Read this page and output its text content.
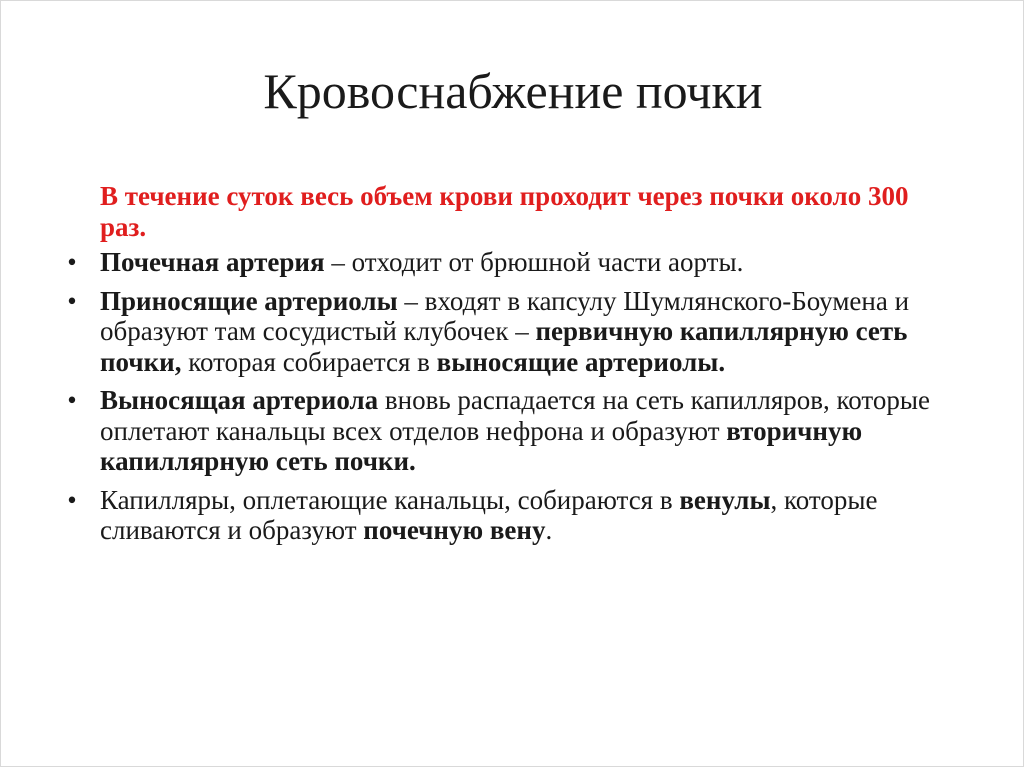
Кровоснабжение почки

В течение суток весь объем крови проходит через почки около 300 раз.

• Почечная артерия – отходит от брюшной части аорты.
• Приносящие артериолы – входят в капсулу Шумлянского-Боумена и образуют там сосудистый клубочек – первичную капиллярную сеть почки, которая собирается в выносящие артериолы.
• Выносящая артериола вновь распадается на сеть капилляров, которые оплетают канальцы всех отделов нефрона и образуют вторичную капиллярную сеть почки.
• Капилляры, оплетающие канальцы, собираются в венулы, которые сливаются и образуют почечную вену.
